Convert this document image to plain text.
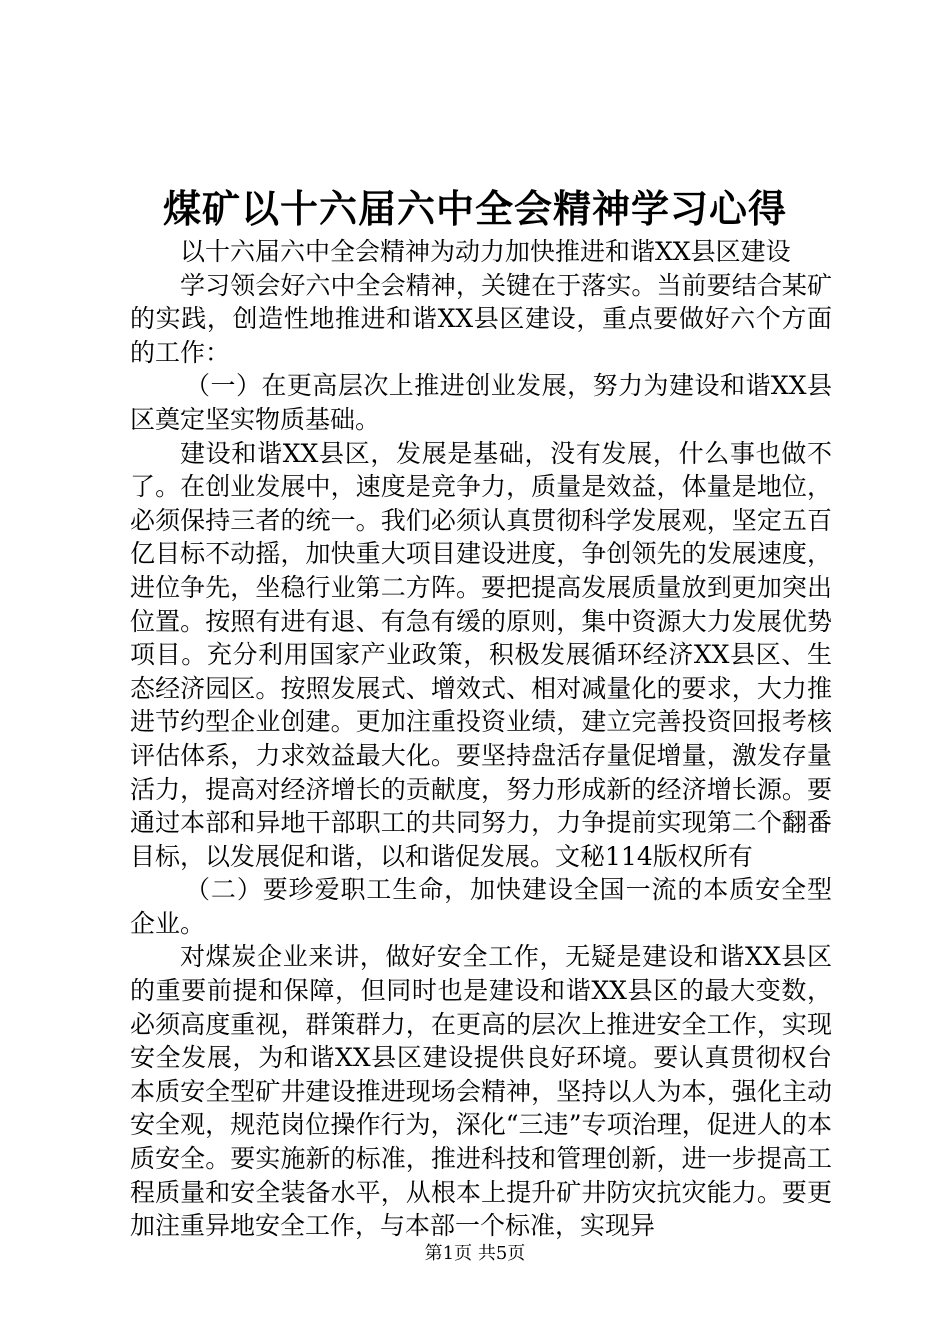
煤矿以十六届六中全会精神学习心得

以十六届六中全会精神为动力加快推进和谐XX县区建设

学习领会好六中全会精神，关键在于落实。当前要结合某矿的实践，创造性地推进和谐XX县区建设，重点要做好六个方面的工作：

（一）在更高层次上推进创业发展，努力为建设和谐XX县区奠定坚实物质基础。

建设和谐XX县区，发展是基础，没有发展，什么事也做不了。在创业发展中，速度是竞争力，质量是效益，体量是地位，必须保持三者的统一。我们必须认真贯彻科学发展观，坚定五百亿目标不动摇，加快重大项目建设进度，争创领先的发展速度，进位争先，坐稳行业第二方阵。要把提高发展质量放到更加突出位置。按照有进有退、有急有缓的原则，集中资源大力发展优势项目。充分利用国家产业政策，积极发展循环经济XX县区、生态经济园区。按照发展式、增效式、相对减量化的要求，大力推进节约型企业创建。更加注重投资业绩，建立完善投资回报考核评估体系，力求效益最大化。要坚持盘活存量促增量，激发存量活力，提高对经济增长的贡献度，努力形成新的经济增长源。要通过本部和异地干部职工的共同努力，力争提前实现第二个翻番目标，以发展促和谐，以和谐促发展。文秘114版权所有

（二）要珍爱职工生命，加快建设全国一流的本质安全型企业。

对煤炭企业来讲，做好安全工作，无疑是建设和谐XX县区的重要前提和保障，但同时也是建设和谐XX县区的最大变数，必须高度重视，群策群力，在更高的层次上推进安全工作，实现安全发展，为和谐XX县区建设提供良好环境。要认真贯彻权台本质安全型矿井建设推进现场会精神，坚持以人为本，强化主动安全观，规范岗位操作行为，深化“三违”专项治理，促进人的本质安全。要实施新的标准，推进科技和管理创新，进一步提高工程质量和安全装备水平，从根本上提升矿井防灾抗灾能力。要更加注重异地安全工作，与本部一个标准，实现异

第1页 共5页
